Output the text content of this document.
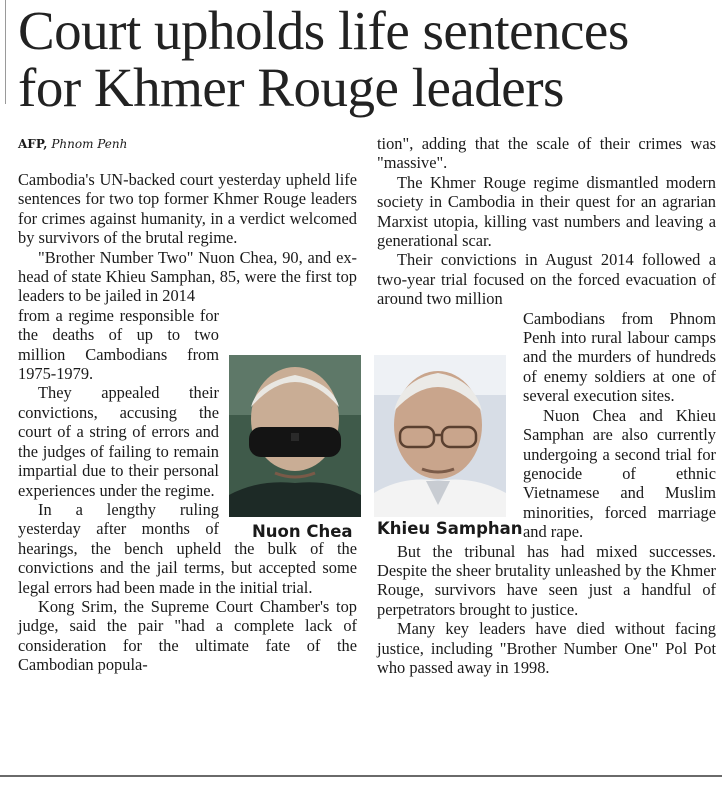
Court upholds life sentences
for Khmer Rouge leaders
AFP, Phnom Penh

Cambodia's UN-backed court yesterday upheld life sentences for two top former Khmer Rouge leaders for crimes against humanity, in a verdict welcomed by survivors of the brutal regime.

"Brother Number Two" Nuon Chea, 90, and ex-head of state Khieu Samphan, 85, were the first top leaders to be jailed in 2014

from a regime responsible for the deaths of up to two million Cambodians from 1975-1979.

They appealed their convictions, accusing the court of a string of errors and the judges of failing to remain impartial due to their personal experiences under the regime.

In a lengthy ruling yesterday after months of hearings, the bench upheld the bulk of the convictions and the jail terms, but accepted some legal errors had been made in the initial trial.

Kong Srim, the Supreme Court Chamber's top judge, said the pair "had a complete lack of consideration for the ultimate fate of the Cambodian popula-

tion", adding that the scale of their crimes was "massive".

The Khmer Rouge regime dismantled modern society in Cambodia in their quest for an agrarian Marxist utopia, killing vast numbers and leaving a generational scar.

Their convictions in August 2014 followed a two-year trial focused on the forced evacuation of around two million

Cambodians from Phnom Penh into rural labour camps and the murders of hundreds of enemy soldiers at one of several execution sites.

Nuon Chea and Khieu Samphan are also currently undergoing a second trial for genocide of ethnic Vietnamese and Muslim minorities, forced marriage and rape.

But the tribunal has had mixed successes. Despite the sheer brutality unleashed by the Khmer Rouge, survivors have seen just a handful of perpetrators brought to justice.

Many key leaders have died without facing justice, including "Brother Number One" Pol Pot who passed away in 1998.

Nuon Chea Khieu Samphan
